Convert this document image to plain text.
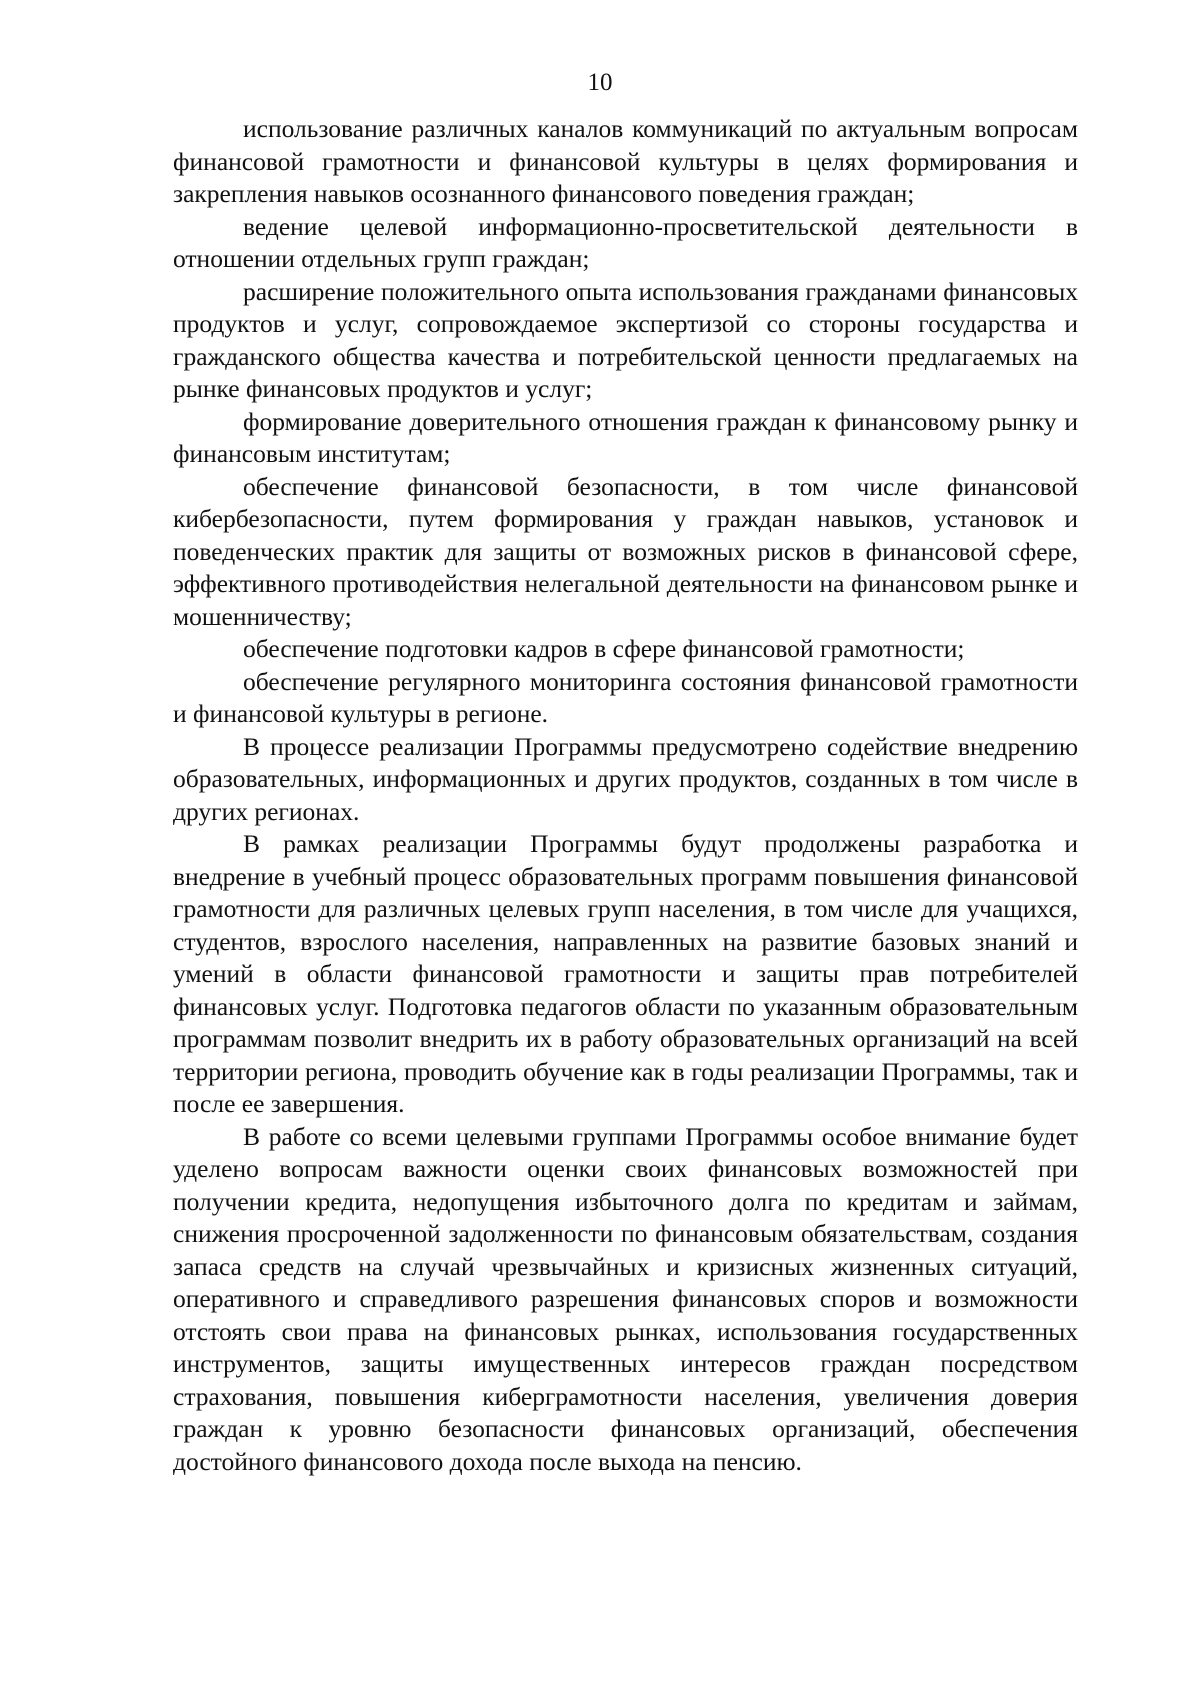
10

использование различных каналов коммуникаций по актуальным вопросам финансовой грамотности и финансовой культуры в целях формирования и закрепления навыков осознанного финансового поведения граждан;

ведение целевой информационно-просветительской деятельности в отношении отдельных групп граждан;

расширение положительного опыта использования гражданами финансовых продуктов и услуг, сопровождаемое экспертизой со стороны государства и гражданского общества качества и потребительской ценности предлагаемых на рынке финансовых продуктов и услуг;

формирование доверительного отношения граждан к финансовому рынку и финансовым институтам;

обеспечение финансовой безопасности, в том числе финансовой кибербезопасности, путем формирования у граждан навыков, установок и поведенческих практик для защиты от возможных рисков в финансовой сфере, эффективного противодействия нелегальной деятельности на финансовом рынке и мошенничеству;

обеспечение подготовки кадров в сфере финансовой грамотности;

обеспечение регулярного мониторинга состояния финансовой грамотности и финансовой культуры в регионе.

В процессе реализации Программы предусмотрено содействие внедрению образовательных, информационных и других продуктов, созданных в том числе в других регионах.

В рамках реализации Программы будут продолжены разработка и внедрение в учебный процесс образовательных программ повышения финансовой грамотности для различных целевых групп населения, в том числе для учащихся, студентов, взрослого населения, направленных на развитие базовых знаний и умений в области финансовой грамотности и защиты прав потребителей финансовых услуг. Подготовка педагогов области по указанным образовательным программам позволит внедрить их в работу образовательных организаций на всей территории региона, проводить обучение как в годы реализации Программы, так и после ее завершения.

В работе со всеми целевыми группами Программы особое внимание будет уделено вопросам важности оценки своих финансовых возможностей при получении кредита, недопущения избыточного долга по кредитам и займам, снижения просроченной задолженности по финансовым обязательствам, создания запаса средств на случай чрезвычайных и кризисных жизненных ситуаций, оперативного и справедливого разрешения финансовых споров и возможности отстоять свои права на финансовых рынках, использования государственных инструментов, защиты имущественных интересов граждан посредством страхования, повышения киберграмотности населения, увеличения доверия граждан к уровню безопасности финансовых организаций, обеспечения достойного финансового дохода после выхода на пенсию.
